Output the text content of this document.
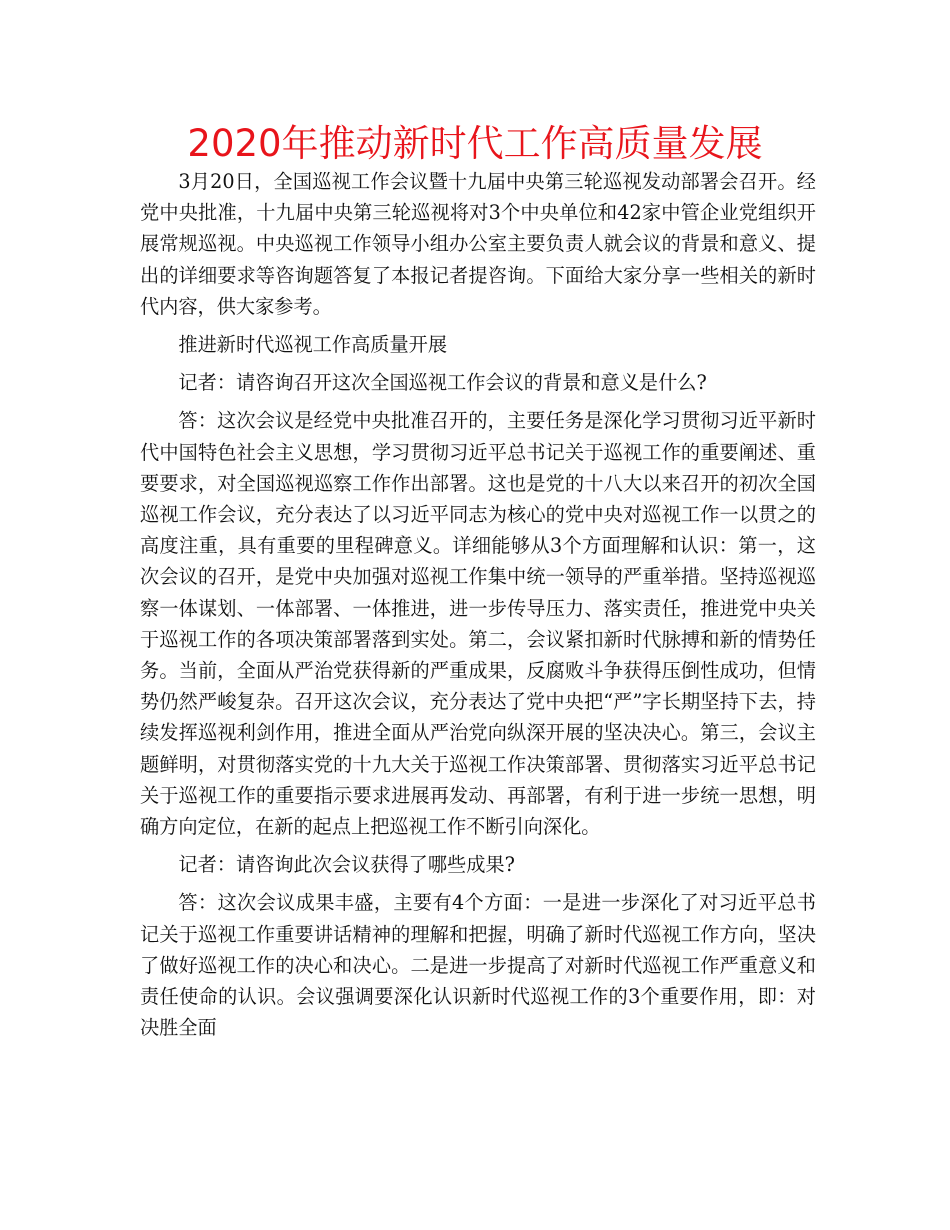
2020年推动新时代工作高质量发展

3月20日，全国巡视工作会议暨十九届中央第三轮巡视发动部署会召开。经党中央批准，十九届中央第三轮巡视将对3个中央单位和42家中管企业党组织开展常规巡视。中央巡视工作领导小组办公室主要负责人就会议的背景和意义、提出的详细要求等咨询题答复了本报记者提咨询。下面给大家分享一些相关的新时代内容，供大家参考。

推进新时代巡视工作高质量开展

记者：请咨询召开这次全国巡视工作会议的背景和意义是什么?

答：这次会议是经党中央批准召开的，主要任务是深化学习贯彻习近平新时代中国特色社会主义思想，学习贯彻习近平总书记关于巡视工作的重要阐述、重要要求，对全国巡视巡察工作作出部署。这也是党的十八大以来召开的初次全国巡视工作会议，充分表达了以习近平同志为核心的党中央对巡视工作一以贯之的高度注重，具有重要的里程碑意义。详细能够从3个方面理解和认识：第一，这次会议的召开，是党中央加强对巡视工作集中统一领导的严重举措。坚持巡视巡察一体谋划、一体部署、一体推进，进一步传导压力、落实责任，推进党中央关于巡视工作的各项决策部署落到实处。第二，会议紧扣新时代脉搏和新的情势任务。当前，全面从严治党获得新的严重成果，反腐败斗争获得压倒性成功，但情势仍然严峻复杂。召开这次会议，充分表达了党中央把“严”字长期坚持下去，持续发挥巡视利剑作用，推进全面从严治党向纵深开展的坚决决心。第三，会议主题鲜明，对贯彻落实党的十九大关于巡视工作决策部署、贯彻落实习近平总书记关于巡视工作的重要指示要求进展再发动、再部署，有利于进一步统一思想，明确方向定位，在新的起点上把巡视工作不断引向深化。

记者：请咨询此次会议获得了哪些成果?

答：这次会议成果丰盛，主要有4个方面：一是进一步深化了对习近平总书记关于巡视工作重要讲话精神的理解和把握，明确了新时代巡视工作方向，坚决了做好巡视工作的决心和决心。二是进一步提高了对新时代巡视工作严重意义和责任使命的认识。会议强调要深化认识新时代巡视工作的3个重要作用，即：对决胜全面
